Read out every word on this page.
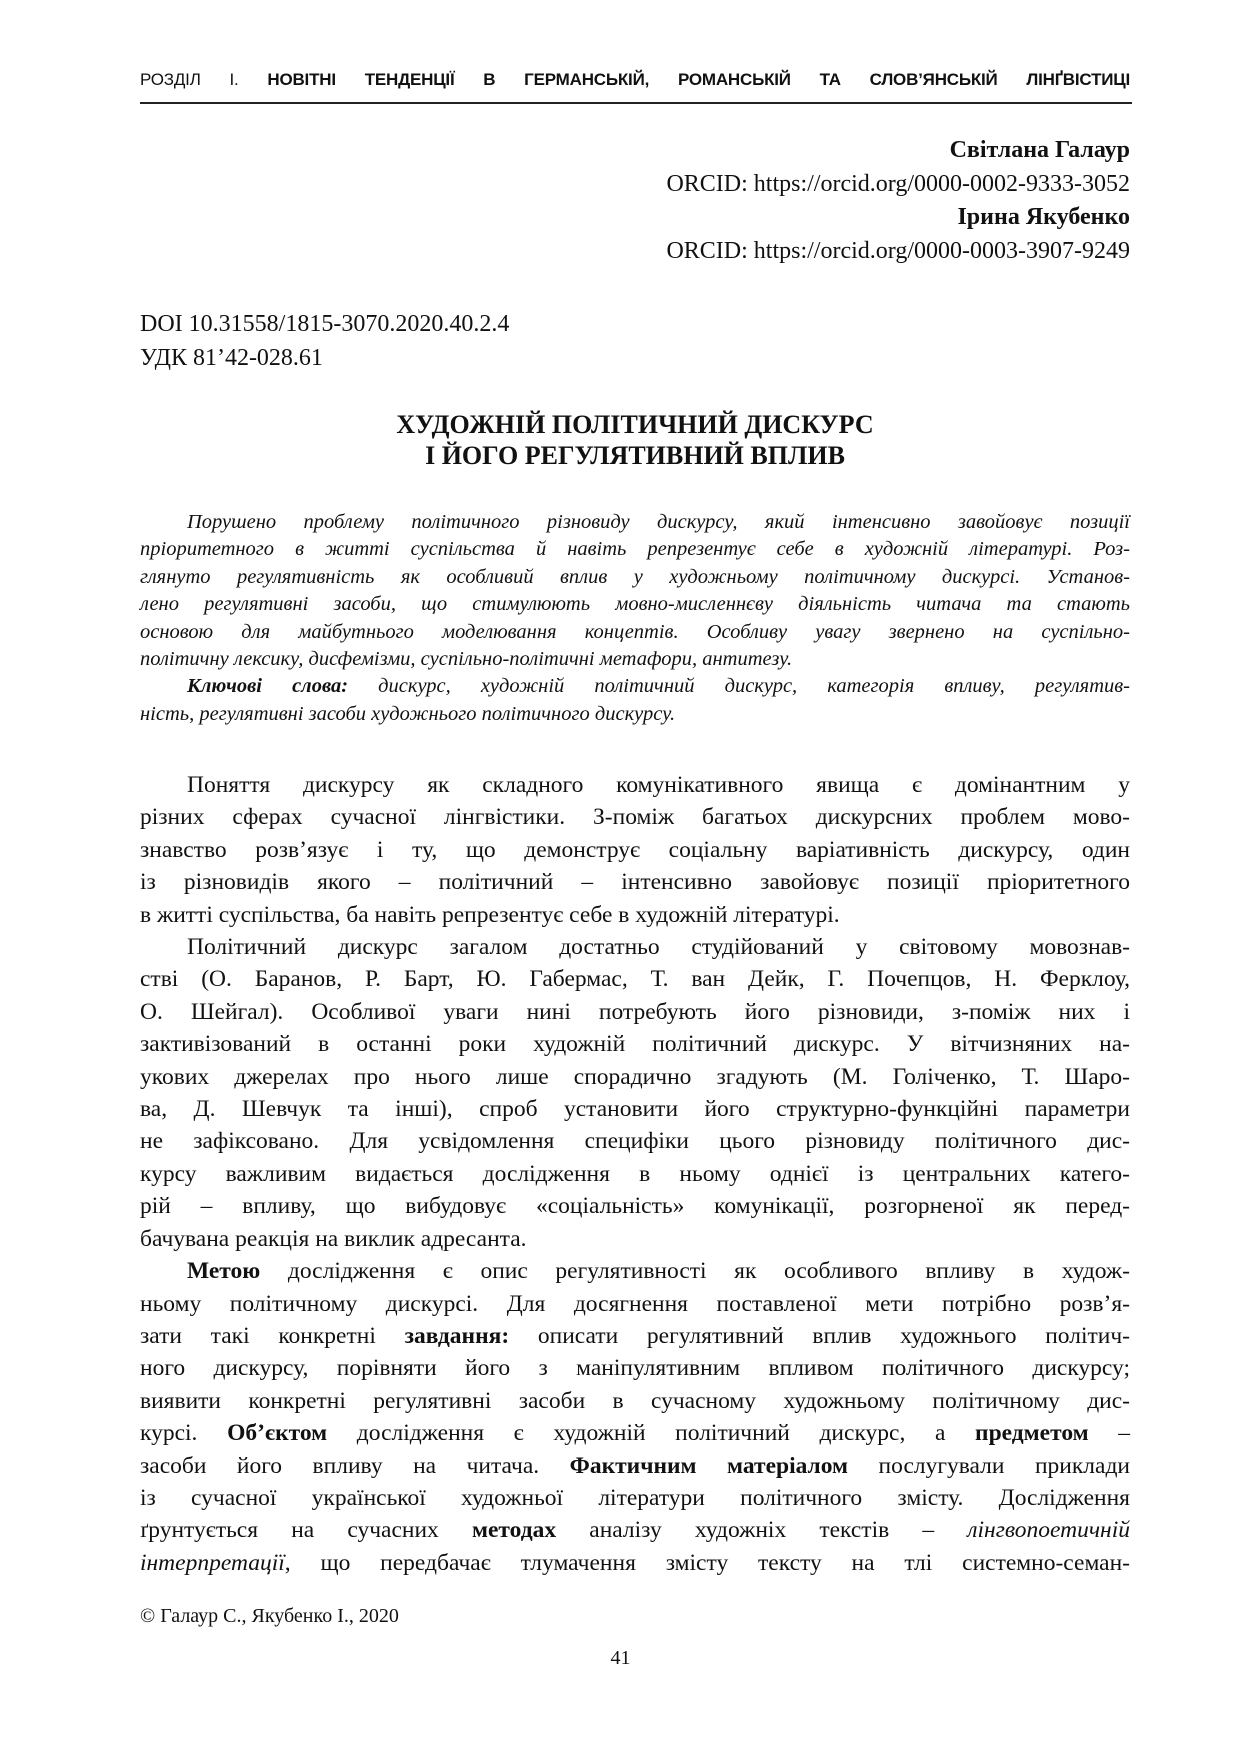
РОЗДІЛ І. НОВІТНІ ТЕНДЕНЦІЇ В ГЕРМАНСЬКІЙ, РОМАНСЬКІЙ ТА СЛОВ’ЯНСЬКІЙ ЛІНҐВІСТИЦІ
Світлана Галаур
ORCID: https://orcid.org/0000-0002-9333-3052
Ірина Якубенко
ORCID: https://orcid.org/0000-0003-3907-9249
DOI 10.31558/1815-3070.2020.40.2.4
УДК 81’42-028.61
ХУДОЖНІЙ ПОЛІТИЧНИЙ ДИСКУРС
І ЙОГО РЕГУЛЯТИВНИЙ ВПЛИВ
Порушено проблему політичного різновиду дискурсу, який інтенсивно завойовує позиції
пріоритетного в житті суспільства й навіть репрезентує себе в художній літературі. Роз-
глянуто регулятивність як особливий вплив у художньому політичному дискурсі. Установ-
лено регулятивні засоби, що стимулюють мовно-мисленнєву діяльність читача та стають
основою для майбутнього моделювання концептів. Особливу увагу звернено на суспільно-
політичну лексику, дисфемізми, суспільно-політичні метафори, антитезу.
Ключові слова: дискурс, художній політичний дискурс, категорія впливу, регулятив-
ність, регулятивні засоби художнього політичного дискурсу.
Поняття дискурсу як складного комунікативного явища є домінантним у
різних сферах сучасної лінгвістики. З-поміж багатьох дискурсних проблем мово-
знавство розв’язує і ту, що демонструє соціальну варіативність дискурсу, один
із різновидів якого – політичний – інтенсивно завойовує позиції пріоритетного
в житті суспільства, ба навіть репрезентує себе в художній літературі.
Політичний дискурс загалом достатньо студійований у світовому мовознав-
стві (О. Баранов, Р. Барт, Ю. Габермас, Т. ван Дейк, Г. Почепцов, Н. Ферклоу,
О. Шейгал). Особливої уваги нині потребують його різновиди, з-поміж них і
зактивізований в останні роки художній політичний дискурс. У вітчизняних на-
укових джерелах про нього лише спорадично згадують (М. Голіченко, Т. Шаро-
ва, Д. Шевчук та інші), спроб установити його структурно-функційні параметри
не зафіксовано. Для усвідомлення специфіки цього різновиду політичного дис-
курсу важливим видається дослідження в ньому однієї із центральних катего-
рій – впливу, що вибудовує «соціальність» комунікації, розгорненої як перед-
бачувана реакція на виклик адресанта.
Метою дослідження є опис регулятивності як особливого впливу в худож-
ньому політичному дискурсі. Для досягнення поставленої мети потрібно розв’я-
зати такі конкретні завдання: описати регулятивний вплив художнього політич-
ного дискурсу, порівняти його з маніпулятивним впливом політичного дискурсу;
виявити конкретні регулятивні засоби в сучасному художньому політичному дис-
курсі. Об’єктом дослідження є художній політичний дискурс, а предметом –
засоби його впливу на читача. Фактичним матеріалом послугували приклади
із сучасної української художньої літератури політичного змісту. Дослідження
ґрунтується на сучасних методах аналізу художніх текстів – лінгвопоетичній
інтерпретації, що передбачає тлумачення змісту тексту на тлі системно-семан-
© Галаур С., Якубенко І., 2020
41
